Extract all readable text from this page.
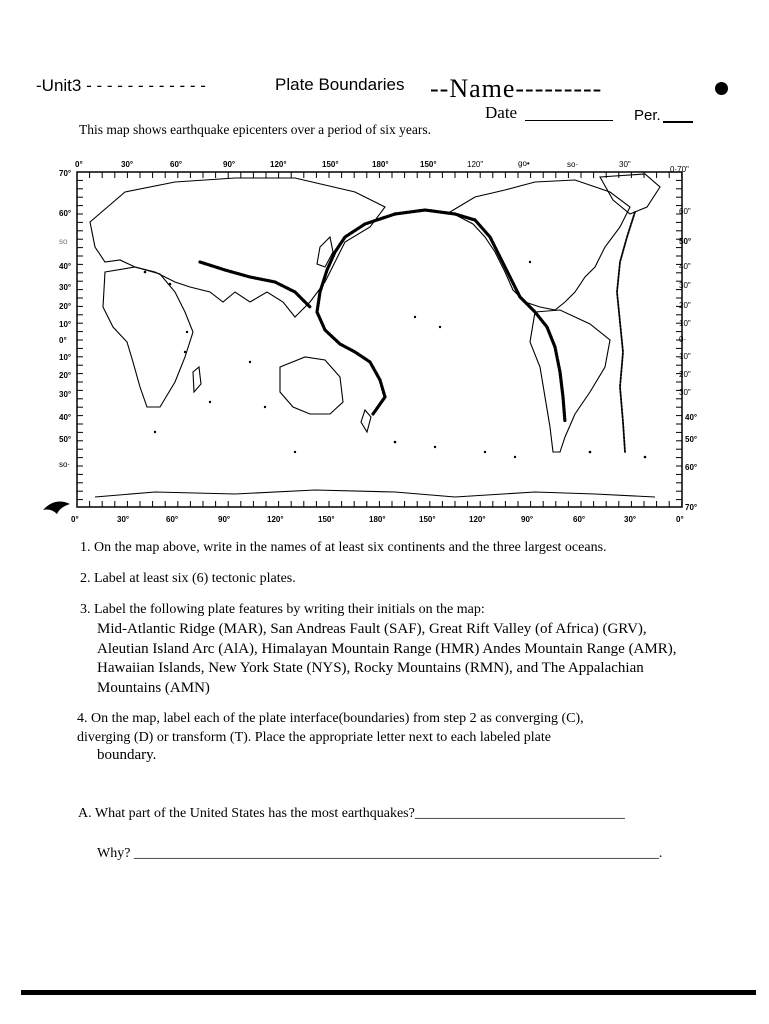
-Unit3 - - - - - - - - - - - -	Plate Boundaries --Name---------
Date	Per.
This map shows earthquake epicenters over a period of six years.
0°	30°	60°	90°	120°	150°	180°	150°	120"	go•	so·	30"
0·70"
0°	30°	60°	90°	120°	150°	180°	150°	120°	90°	60°	30°	0°
70°
60°
so
40°
30°
20°
10°
0°
10°
20°
30°
40°
50°
so·
60"
50°
40"
30"
20"
10"
0·
10"
20"
30"
40°
50°
60°
70°
1. On the map above, write in the names of at least six continents and the three largest oceans.
2. Label at least six (6) tectonic plates.
3. Label the following plate features by writing their initials on the map:
Mid-Atlantic Ridge (MAR), San Andreas Fault (SAF), Great Rift Valley (of Africa) (GRV), Aleutian Island Arc (AlA), Himalayan Mountain Range (HMR) Andes Mountain Range (AMR), Hawaiian Islands, New York State (NYS), Rocky Mountains (RMN), and The Appalachian Mountains (AMN)
4. On the map, label each of the plate interface(boundaries) from step 2 as converging (C), diverging (D) or transform (T). Place the appropriate letter next to each labeled plate
boundary.
A. What part of the United States has the most earthquakes?______________________________
Why? ___________________________________________________________________________.
